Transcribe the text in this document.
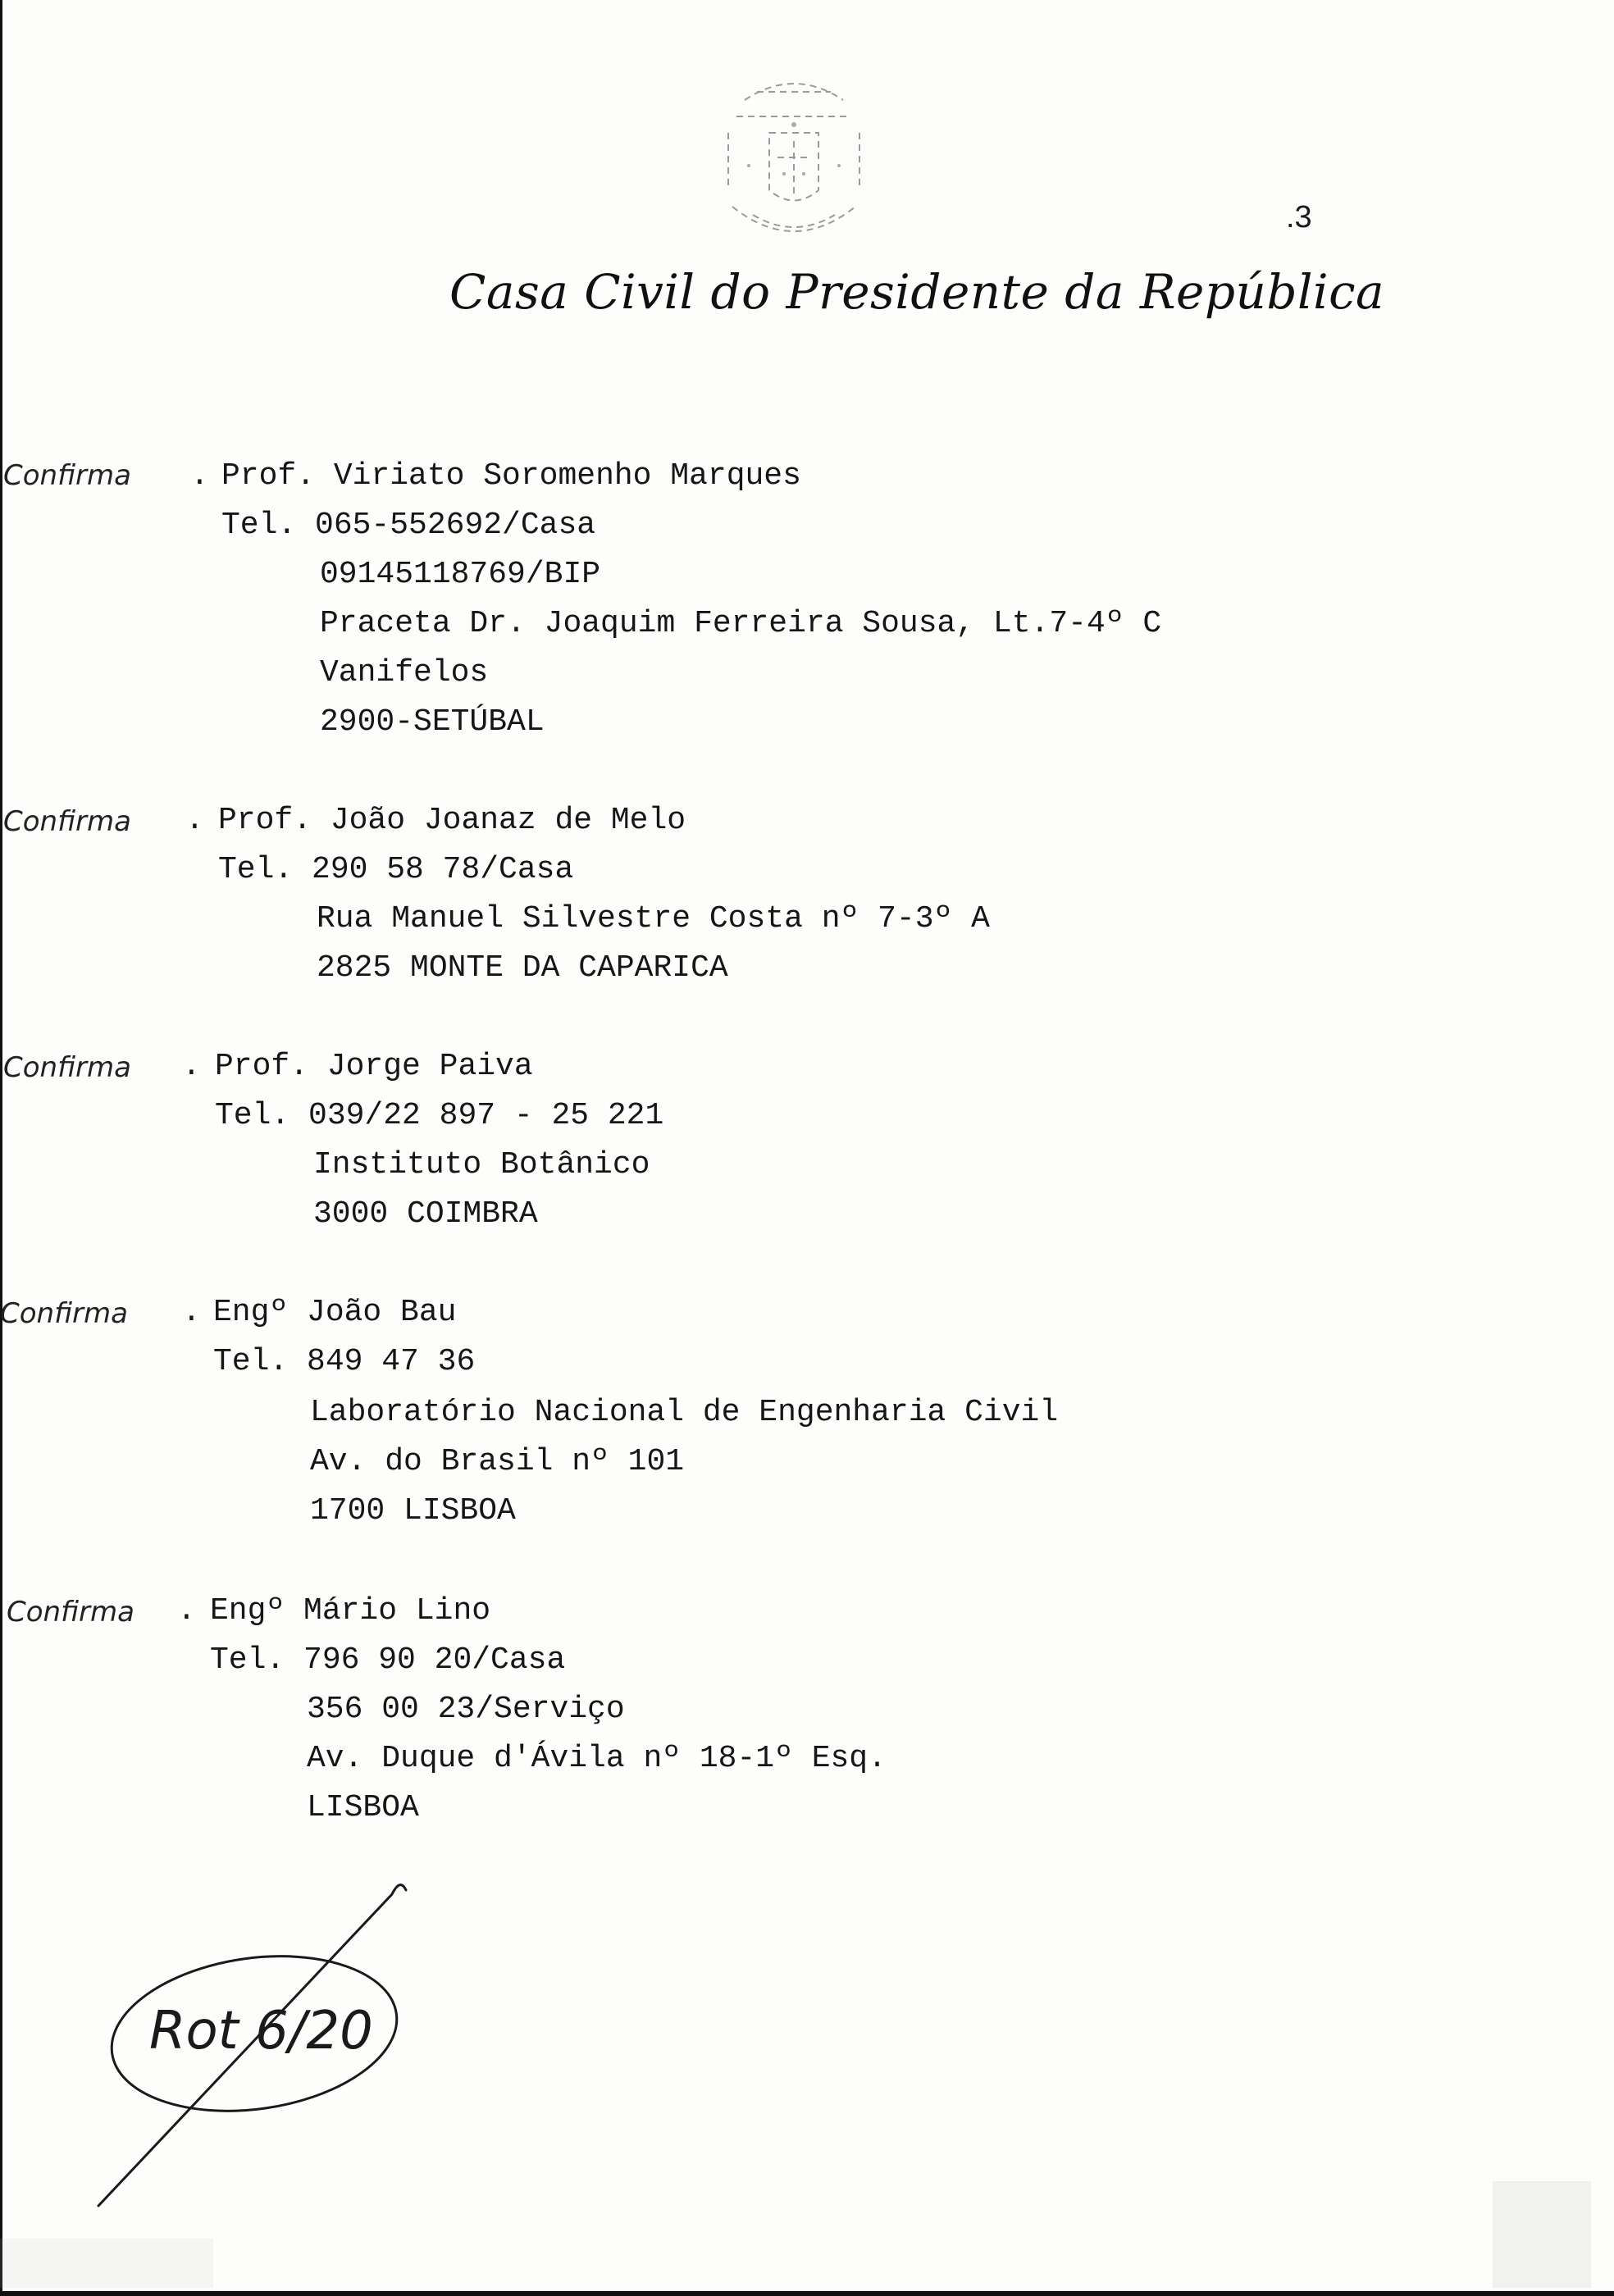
.3
Casa Civil do Presidente da República
Confirma . Prof. Viriato Soromenho Marques
Tel. 065-552692/Casa
09145118769/BIP
Praceta Dr. Joaquim Ferreira Sousa, Lt.7-4º C
Vanifelos
2900-SETÚBAL
Confirma . Prof. João Joanaz de Melo
Tel. 290 58 78/Casa
Rua Manuel Silvestre Costa nº 7-3º A
2825 MONTE DA CAPARICA
Confirma . Prof. Jorge Paiva
Tel. 039/22 897 - 25 221
Instituto Botânico
3000 COIMBRA
Confirma . Engº João Bau
Tel. 849 47 36
Laboratório Nacional de Engenharia Civil
Av. do Brasil nº 101
1700 LISBOA
Confirma . Engº Mário Lino
Tel. 796 90 20/Casa
356 00 23/Serviço
Av. Duque d'Ávila nº 18-1º Esq.
LISBOA
Rot 6/20
